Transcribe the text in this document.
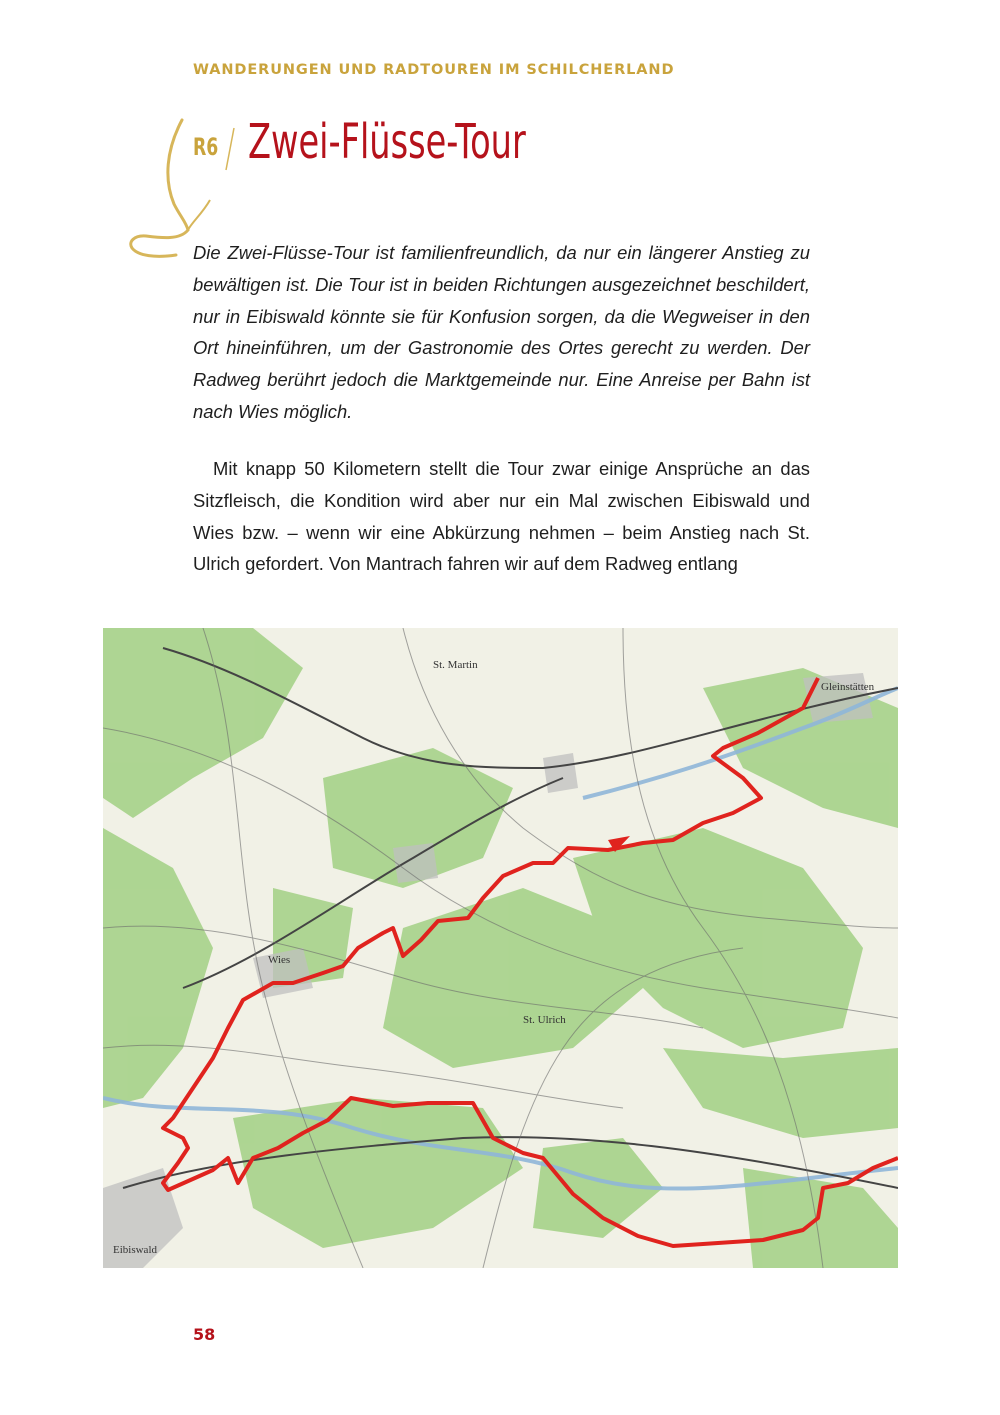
WANDERUNGEN UND RADTOUREN IM SCHILCHERLAND
R6 Zwei-Flüsse-Tour

Die Zwei-Flüsse-Tour ist familienfreundlich, da nur ein längerer Anstieg zu bewältigen ist. Die Tour ist in beiden Richtungen ausgezeichnet beschildert, nur in Eibiswald könnte sie für Konfusion sorgen, da die Wegweiser in den Ort hineinführen, um der Gastronomie des Ortes gerecht zu werden. Der Radweg berührt jedoch die Marktgemeinde nur. Eine Anreise per Bahn ist nach Wies möglich.

Mit knapp 50 Kilometern stellt die Tour zwar einige Ansprüche an das Sitzfleisch, die Kondition wird aber nur ein Mal zwischen Eibiswald und Wies bzw. – wenn wir eine Abkürzung nehmen – beim Anstieg nach St. Ulrich gefordert. Von Mantrach fahren wir auf dem Radweg entlang

St. Martin
Gleinstätten
Wies
St. Ulrich
Eibiswald
58
